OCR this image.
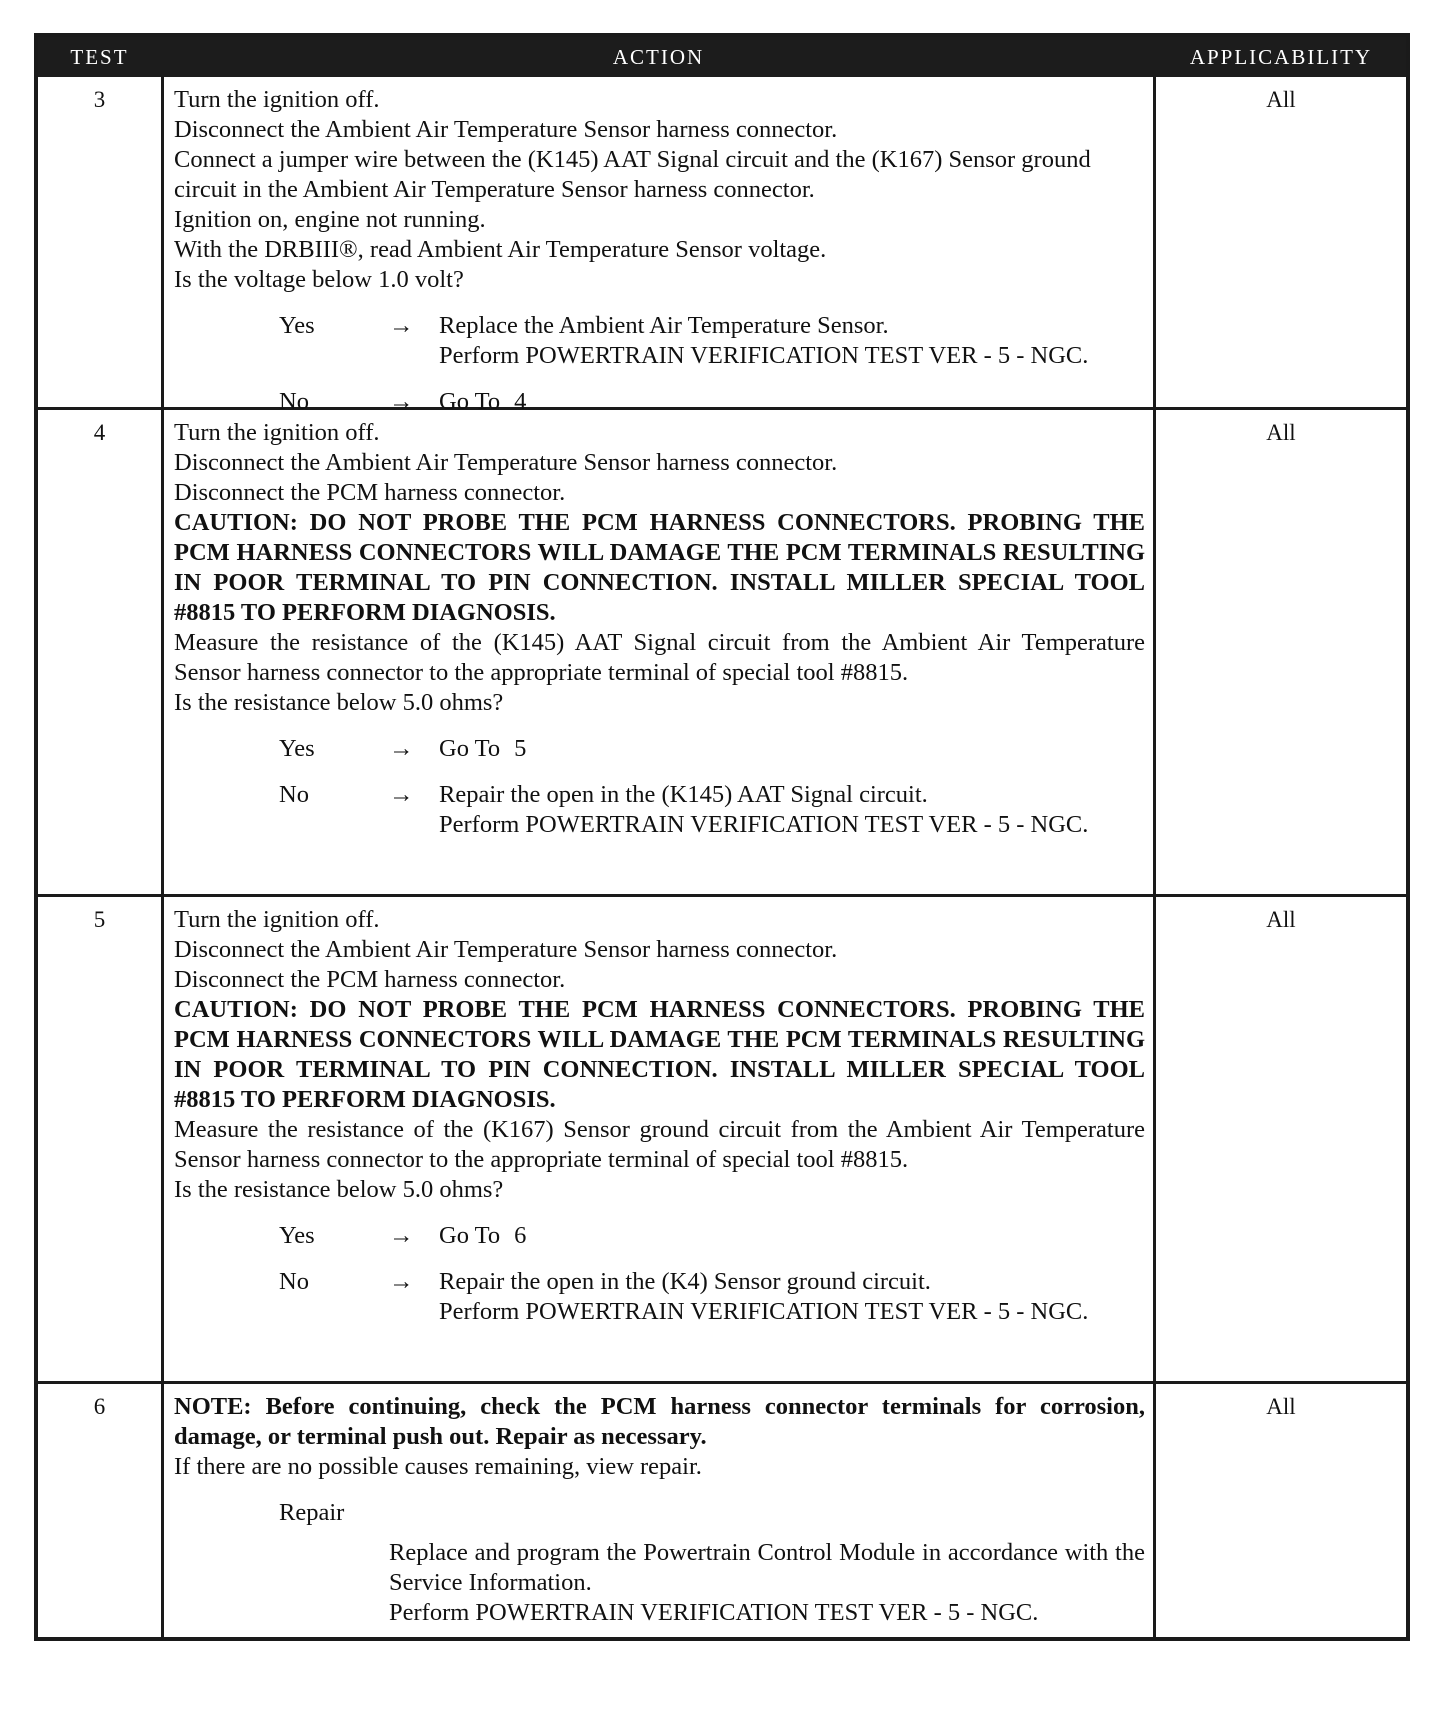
TEST	ACTION	APPLICABILITY
3	Turn the ignition off.
Disconnect the Ambient Air Temperature Sensor harness connector.
Connect a jumper wire between the (K145) AAT Signal circuit and the (K167) Sensor ground circuit in the Ambient Air Temperature Sensor harness connector.
Ignition on, engine not running.
With the DRBIII®, read Ambient Air Temperature Sensor voltage.
Is the voltage below 1.0 volt?
Yes	→	Replace the Ambient Air Temperature Sensor.
Perform POWERTRAIN VERIFICATION TEST VER - 5 - NGC.
No	→	Go To 4
All
4	Turn the ignition off.
Disconnect the Ambient Air Temperature Sensor harness connector.
Disconnect the PCM harness connector.
CAUTION: DO NOT PROBE THE PCM HARNESS CONNECTORS. PROBING THE PCM HARNESS CONNECTORS WILL DAMAGE THE PCM TERMINALS RESULTING IN POOR TERMINAL TO PIN CONNECTION. INSTALL MILLER SPECIAL TOOL #8815 TO PERFORM DIAGNOSIS.
Measure the resistance of the (K145) AAT Signal circuit from the Ambient Air Temperature Sensor harness connector to the appropriate terminal of special tool #8815.
Is the resistance below 5.0 ohms?
Yes	→	Go To 5
No	→	Repair the open in the (K145) AAT Signal circuit.
Perform POWERTRAIN VERIFICATION TEST VER - 5 - NGC.
All
5	Turn the ignition off.
Disconnect the Ambient Air Temperature Sensor harness connector.
Disconnect the PCM harness connector.
CAUTION: DO NOT PROBE THE PCM HARNESS CONNECTORS. PROBING THE PCM HARNESS CONNECTORS WILL DAMAGE THE PCM TERMINALS RESULTING IN POOR TERMINAL TO PIN CONNECTION. INSTALL MILLER SPECIAL TOOL #8815 TO PERFORM DIAGNOSIS.
Measure the resistance of the (K167) Sensor ground circuit from the Ambient Air Temperature Sensor harness connector to the appropriate terminal of special tool #8815.
Is the resistance below 5.0 ohms?
Yes	→	Go To 6
No	→	Repair the open in the (K4) Sensor ground circuit.
Perform POWERTRAIN VERIFICATION TEST VER - 5 - NGC.
All
6	NOTE: Before continuing, check the PCM harness connector terminals for corrosion, damage, or terminal push out. Repair as necessary.
If there are no possible causes remaining, view repair.
Repair
Replace and program the Powertrain Control Module in accordance with the Service Information.
Perform POWERTRAIN VERIFICATION TEST VER - 5 - NGC.
All
